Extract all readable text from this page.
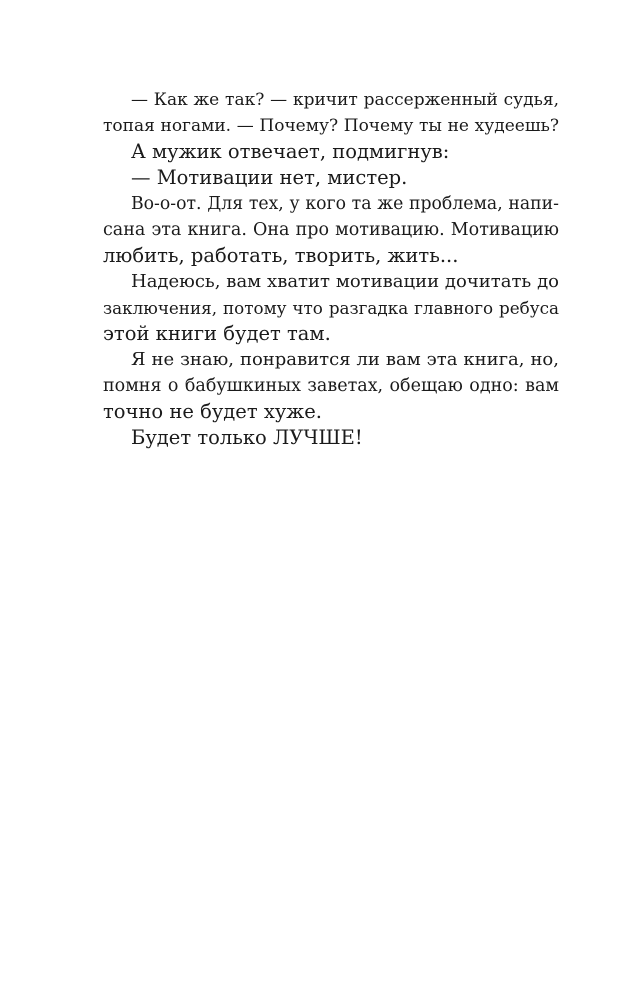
— Как же так? — кричит рассерженный судья,
топая ногами. — Почему? Почему ты не худеешь?
А мужик отвечает, подмигнув:
— Мотивации нет, мистер.
Во-о-от. Для тех, у кого та же проблема, напи-
сана эта книга. Она про мотивацию. Мотивацию
любить, работать, творить, жить...
Надеюсь, вам хватит мотивации дочитать до
заключения, потому что разгадка главного ребуса
этой книги будет там.
Я не знаю, понравится ли вам эта книга, но,
помня о бабушкиных заветах, обещаю одно: вам
точно не будет хуже.
Будет только ЛУЧШЕ!
